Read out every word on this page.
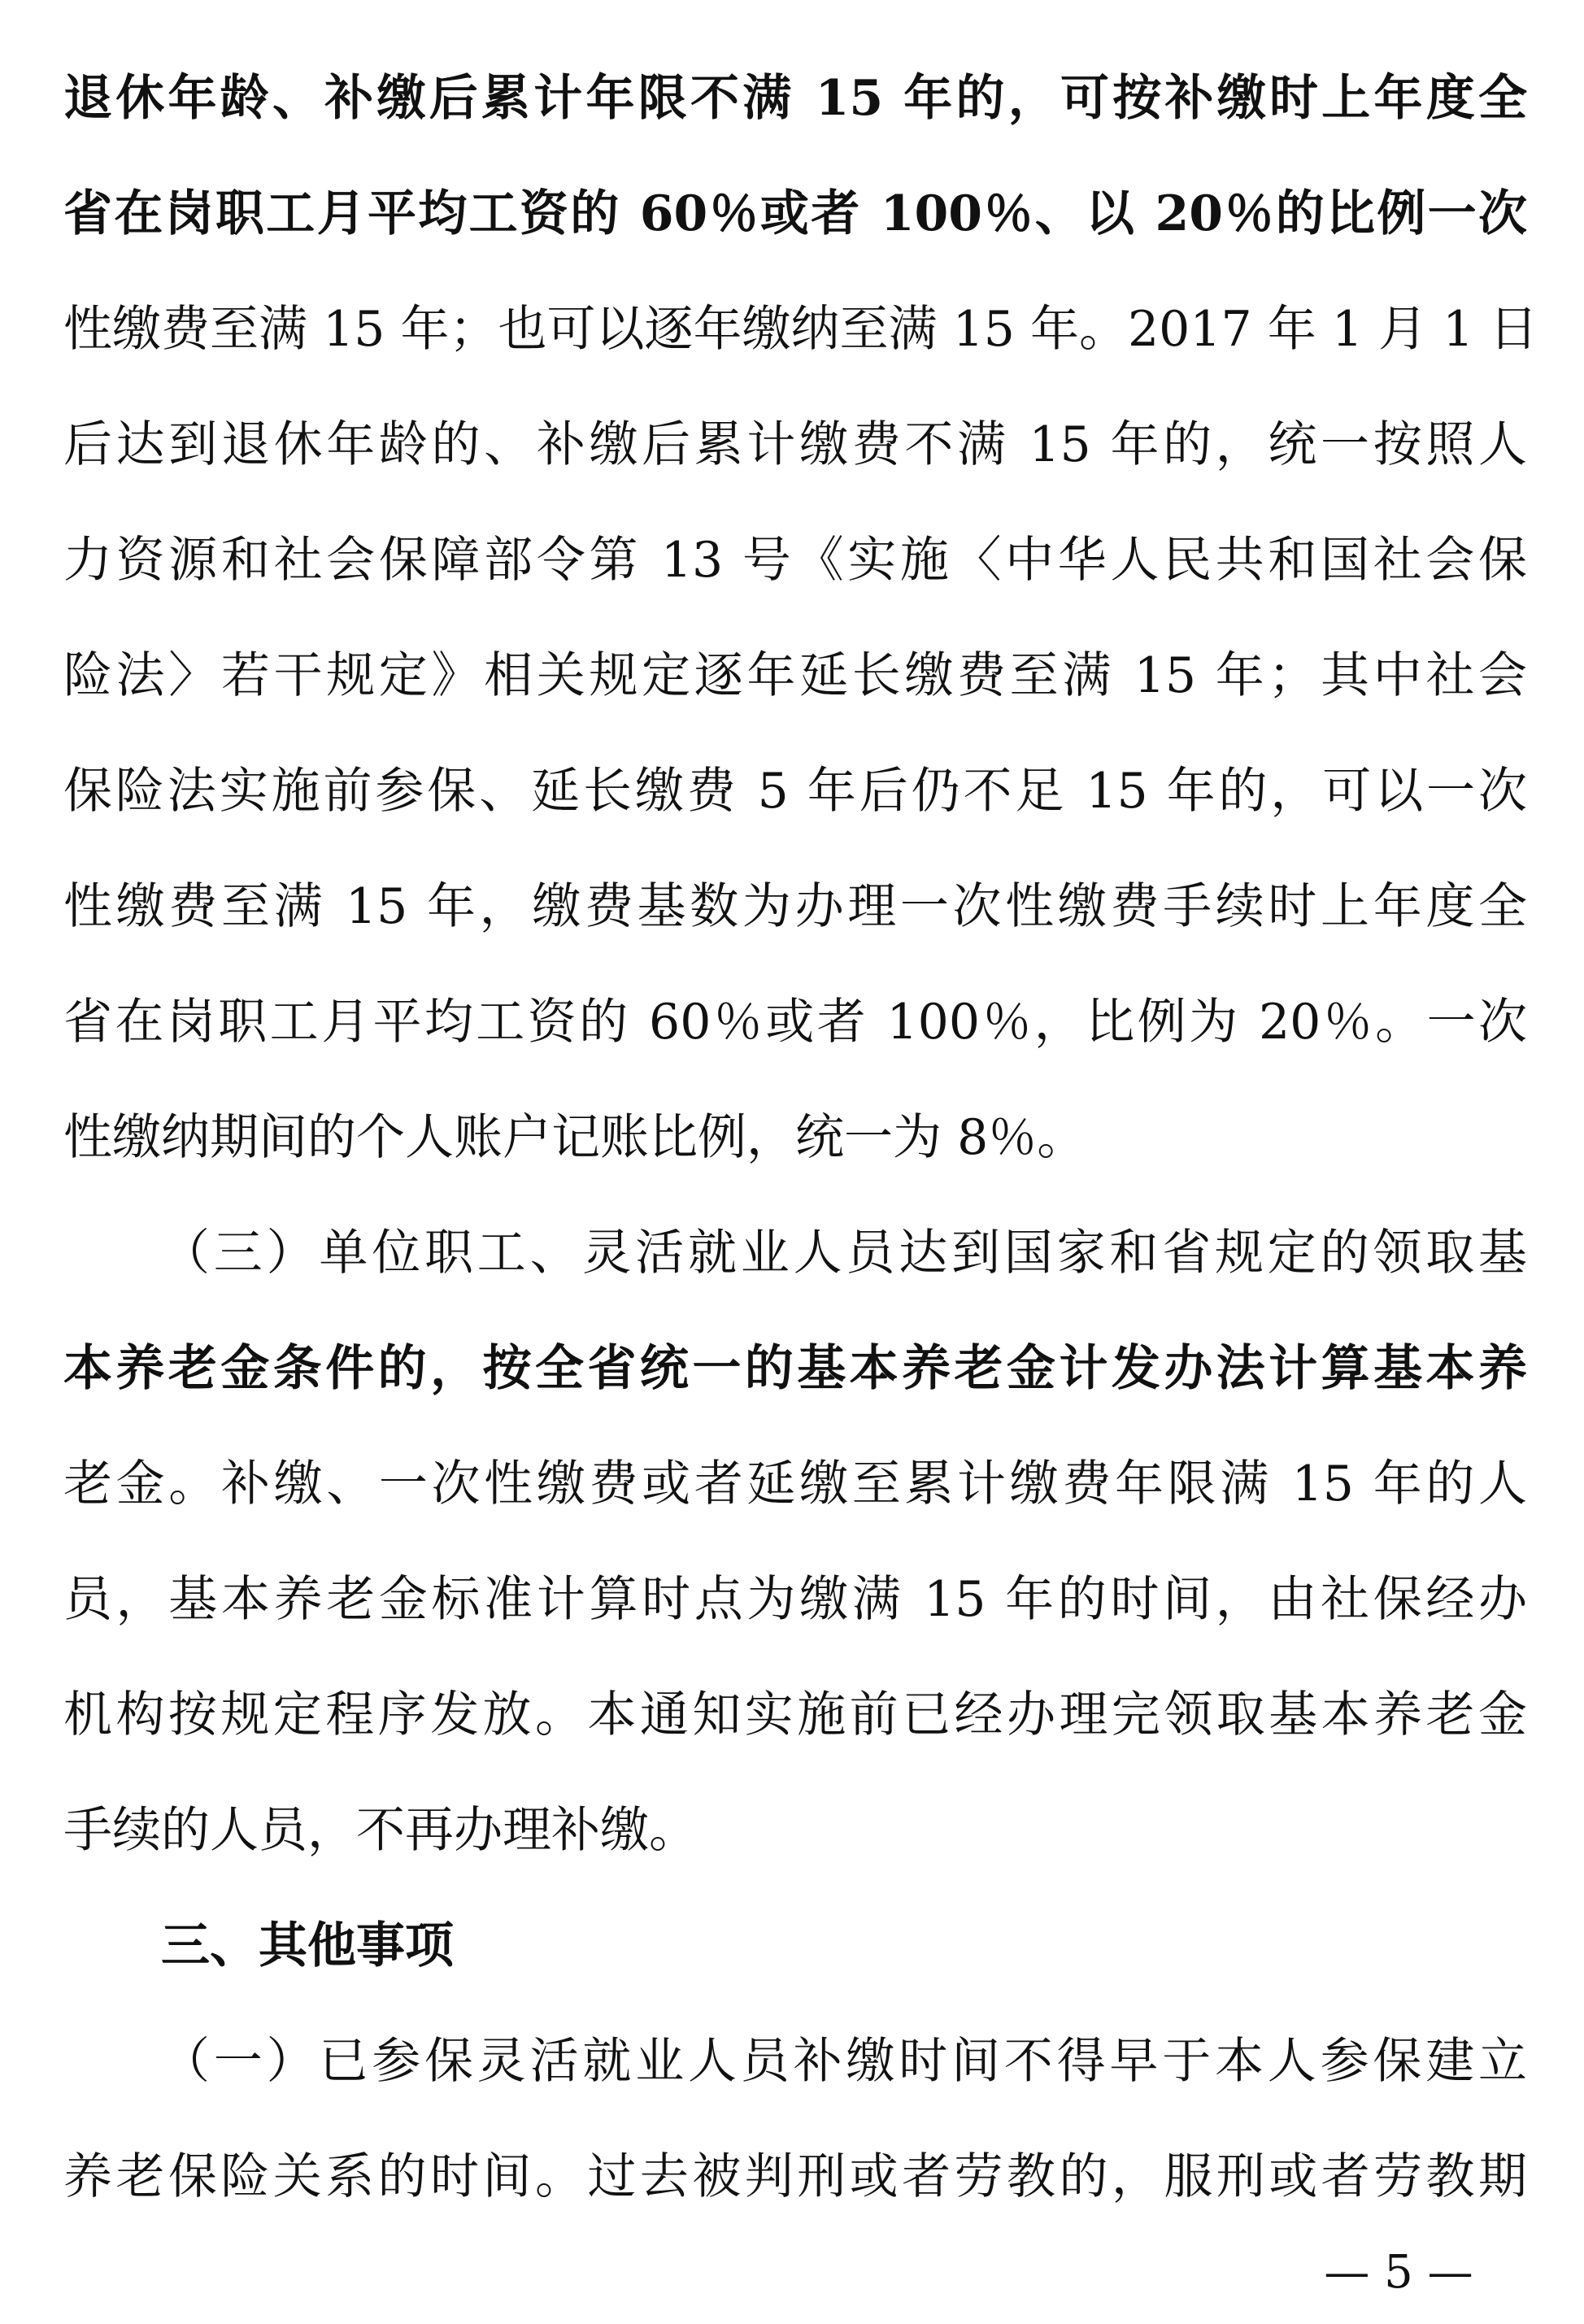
退休年龄、补缴后累计年限不满 15 年的，可按补缴时上年度全
省在岗职工月平均工资的 60％或者 100％、以 20％的比例一次
性缴费至满 15 年；也可以逐年缴纳至满 15 年。2017 年 1 月 1 日
后达到退休年龄的、补缴后累计缴费不满 15 年的，统一按照人
力资源和社会保障部令第 13 号《实施〈中华人民共和国社会保
险法〉若干规定》相关规定逐年延长缴费至满 15 年；其中社会
保险法实施前参保、延长缴费 5 年后仍不足 15 年的，可以一次
性缴费至满 15 年，缴费基数为办理一次性缴费手续时上年度全
省在岗职工月平均工资的 60％或者 100％，比例为 20％。一次
性缴纳期间的个人账户记账比例，统一为 8％。
（三）单位职工、灵活就业人员达到国家和省规定的领取基
本养老金条件的，按全省统一的基本养老金计发办法计算基本养
老金。补缴、一次性缴费或者延缴至累计缴费年限满 15 年的人
员，基本养老金标准计算时点为缴满 15 年的时间，由社保经办
机构按规定程序发放。本通知实施前已经办理完领取基本养老金
手续的人员，不再办理补缴。
三、其他事项
（一）已参保灵活就业人员补缴时间不得早于本人参保建立
养老保险关系的时间。过去被判刑或者劳教的，服刑或者劳教期
— 5 —
